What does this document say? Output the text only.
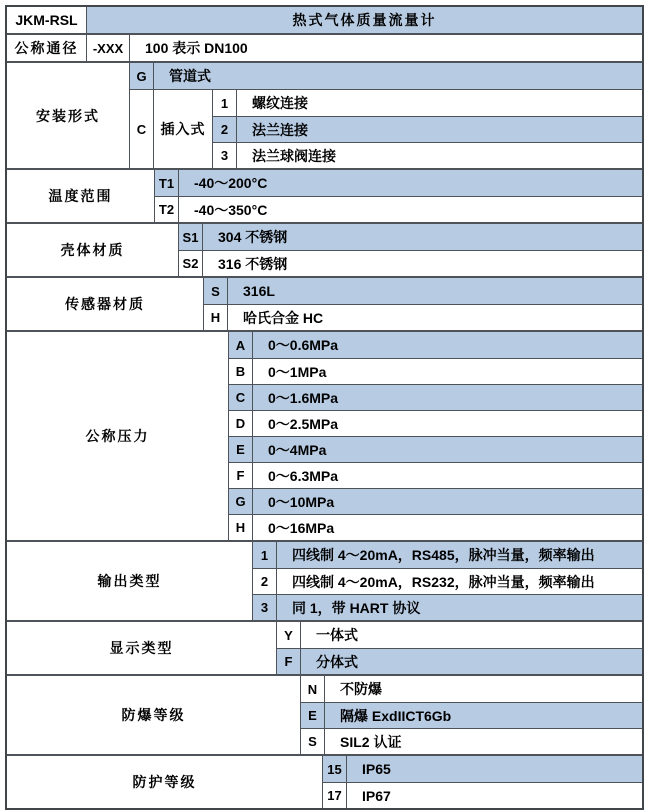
JKM-RSL	热式气体质量流量计
公称通径	-XXX	100 表示 DN100
安装形式
G	管道式
C	插入式
1	螺纹连接
2	法兰连接
3	法兰球阀连接
温度范围
T1	-40～200°C
T2	-40～350°C
壳体材质
S1	304 不锈钢
S2	316 不锈钢
传感器材质
S	316L
H	哈氏合金 HC
公称压力
A	0～0.6MPa
B	0～1MPa
C	0～1.6MPa
D	0～2.5MPa
E	0～4MPa
F	0～6.3MPa
G	0～10MPa
H	0～16MPa
输出类型
1	四线制 4～20mA，RS485，脉冲当量，频率输出
2	四线制 4～20mA，RS232，脉冲当量，频率输出
3	同 1，带 HART 协议
显示类型
Y	一体式
F	分体式
防爆等级
N	不防爆
E	隔爆 ExdIICT6Gb
S	SIL2 认证
防护等级
15	IP65
17	IP67
